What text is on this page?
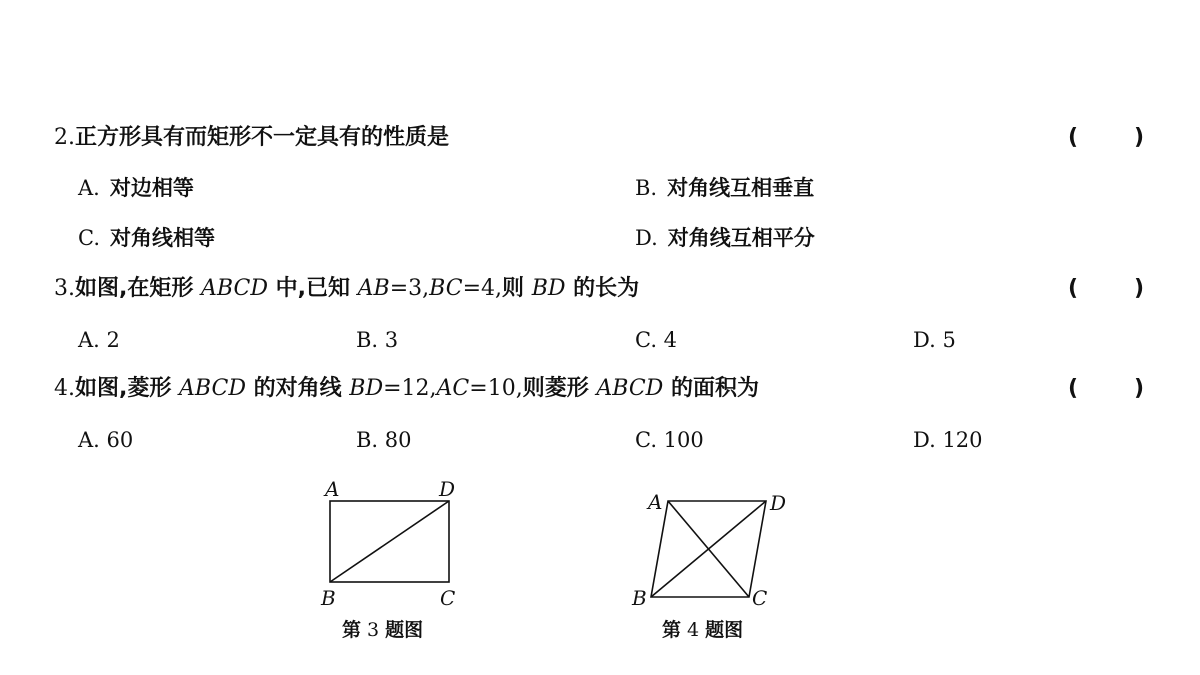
2.正方形具有而矩形不一定具有的性质是	(	)
A. 对边相等	B. 对角线互相垂直
C. 对角线相等	D. 对角线互相平分
3.如图,在矩形 ABCD 中,已知 AB=3,BC=4,则 BD 的长为	(	)
A. 2	B. 3	C. 4	D. 5
4.如图,菱形 ABCD 的对角线 BD=12,AC=10,则菱形 ABCD 的面积为	(	)
A. 60	B. 80	C. 100	D. 120
A	D
B	C
第 3 题图
A	D
B	C
第 4 题图
